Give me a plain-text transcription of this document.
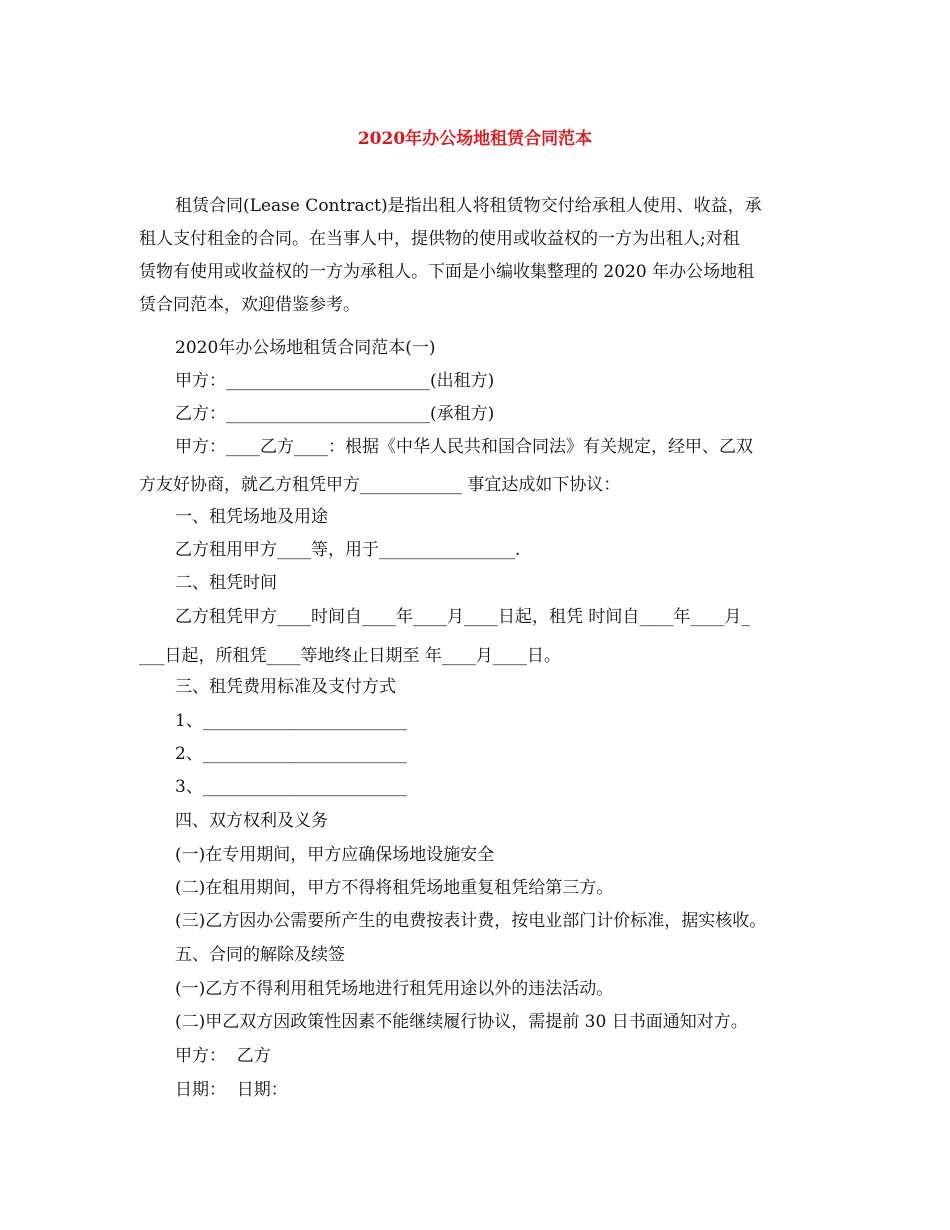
2020年办公场地租赁合同范本
租赁合同(Lease Contract)是指出租人将租赁物交付给承租人使用、收益，承
租人支付租金的合同。在当事人中，提供物的使用或收益权的一方为出租人;对租
赁物有使用或收益权的一方为承租人。下面是小编收集整理的 2020 年办公场地租
赁合同范本，欢迎借鉴参考。
2020年办公场地租赁合同范本(一)
甲方：________________________(出租方)
乙方：________________________(承租方)
甲方：____乙方____：根据《中华人民共和国合同法》有关规定，经甲、乙双
方友好协商，就乙方租凭甲方____________ 事宜达成如下协议：
一、租凭场地及用途
乙方租用甲方____等，用于________________.
二、租凭时间
乙方租凭甲方____时间自____年____月____日起，租凭 时间自____年____月_
___日起，所租凭____等地终止日期至 年____月____日。
三、租凭费用标准及支付方式
1、________________________
2、________________________
3、________________________
四、双方权利及义务
(一)在专用期间，甲方应确保场地设施安全
(二)在租用期间，甲方不得将租凭场地重复租凭给第三方。
(三)乙方因办公需要所产生的电费按表计费，按电业部门计价标准，据实核收。
五、合同的解除及续签
(一)乙方不得利用租凭场地进行租凭用途以外的违法活动。
(二)甲乙双方因政策性因素不能继续履行协议，需提前 30 日书面通知对方。
甲方：  乙方
日期：  日期：
